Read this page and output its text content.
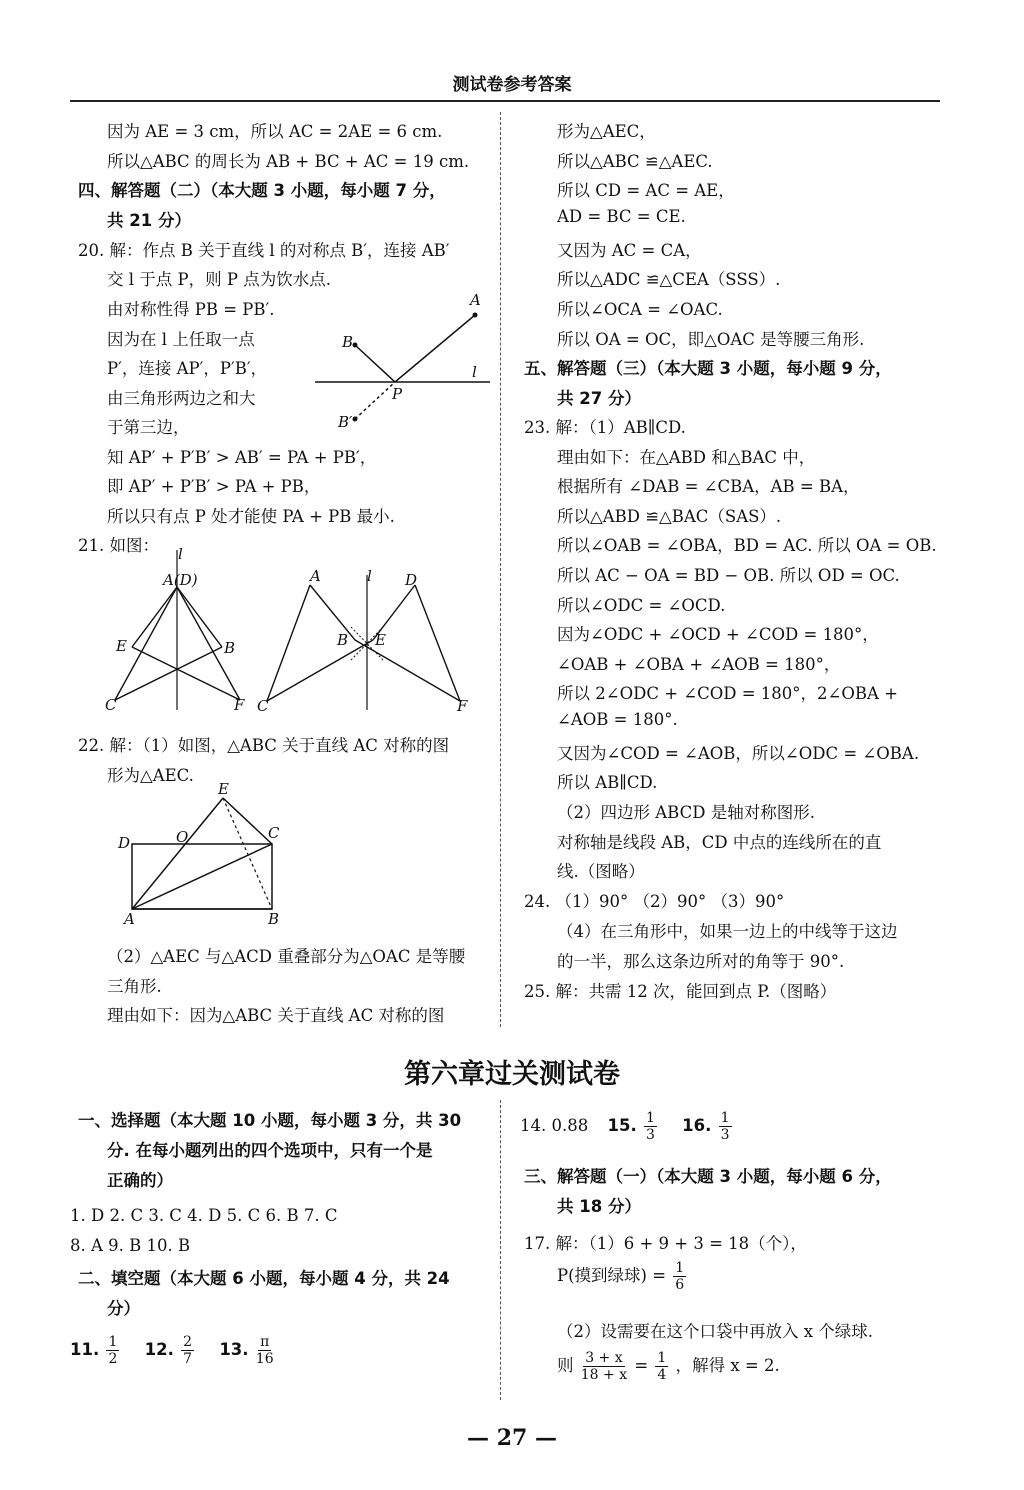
测试卷参考答案
因为 AE = 3 cm，所以 AC = 2AE = 6 cm.
所以△ABC 的周长为 AB + BC + AC = 19 cm.
四、解答题（二）（本大题 3 小题，每小题 7 分，
共 21 分）
20. 解：作点 B 关于直线 l 的对称点 B′，连接 AB′
交 l 于点 P，则 P 点为饮水点.
由对称性得 PB = PB′.
因为在 l 上任取一点
P′，连接 AP′，P′B′，
由三角形两边之和大
于第三边，
知 AP′ + P′B′ > AB′ = PA + PB′，
即 AP′ + P′B′ > PA + PB，
所以只有点 P 处才能使 PA + PB 最小.
21. 如图：
22. 解：（1）如图，△ABC 关于直线 AC 对称的图
形为△AEC.
（2）△AEC 与△ACD 重叠部分为△OAC 是等腰
三角形.
理由如下：因为△ABC 关于直线 AC 对称的图
A
B
B′
P
l
l
A(D)
E	B
C	F
A	l D
B E
C	F
E
D	O	C
A	B
形为△AEC，
所以△ABC ≌△AEC.
所以 CD = AC = AE，
AD = BC = CE.
又因为 AC = CA，
所以△ADC ≌△CEA（SSS）.
所以∠OCA = ∠OAC.
所以 OA = OC，即△OAC 是等腰三角形.
五、解答题（三）（本大题 3 小题，每小题 9 分，
共 27 分）
23. 解：（1）AB∥CD.
理由如下：在△ABD 和△BAC 中，
根据所有 ∠DAB = ∠CBA，AB = BA，
所以△ABD ≌△BAC（SAS）.
所以∠OAB = ∠OBA，BD = AC. 所以 OA = OB.
所以 AC − OA = BD − OB. 所以 OD = OC.
所以∠ODC = ∠OCD.
因为∠ODC + ∠OCD + ∠COD = 180°，
∠OAB + ∠OBA + ∠AOB = 180°，
所以 2∠ODC + ∠COD = 180°，2∠OBA +
∠AOB = 180°.
又因为∠COD = ∠AOB，所以∠ODC = ∠OBA.
所以 AB∥CD.
（2）四边形 ABCD 是轴对称图形.
对称轴是线段 AB，CD 中点的连线所在的直
线.（图略）
24. （1）90° （2）90° （3）90°
（4）在三角形中，如果一边上的中线等于这边
的一半，那么这条边所对的角等于 90°.
25. 解：共需 12 次，能回到点 P.（图略）
第六章过关测试卷
一、选择题（本大题 10 小题，每小题 3 分，共 30
分. 在每小题列出的四个选项中，只有一个是
正确的）
1. D 2. C 3. C 4. D 5. C 6. B 7. C
8. A 9. B 10. B
二、填空题（本大题 6 小题，每小题 4 分，共 24
分）
11. $\frac{1}{2} 12$. $\frac{2}{7} 13$. $\frac{\pi}{16}$
14. 0.88 15. $\frac{1}{3} 16$. $\frac{1}{3}$
三、解答题（一）（本大题 3 小题，每小题 6 分，
共 18 分）
17. 解：（1）6 + 9 + 3 = 18（个），
P(摸到绿球) = $\frac{1}{6}$
（2）设需要在这个口袋中再放入 x 个绿球.
则 $\frac{3 + x}{18 + x} = \frac{1}{4}$ ，解得 x = 2.
— 27 —
